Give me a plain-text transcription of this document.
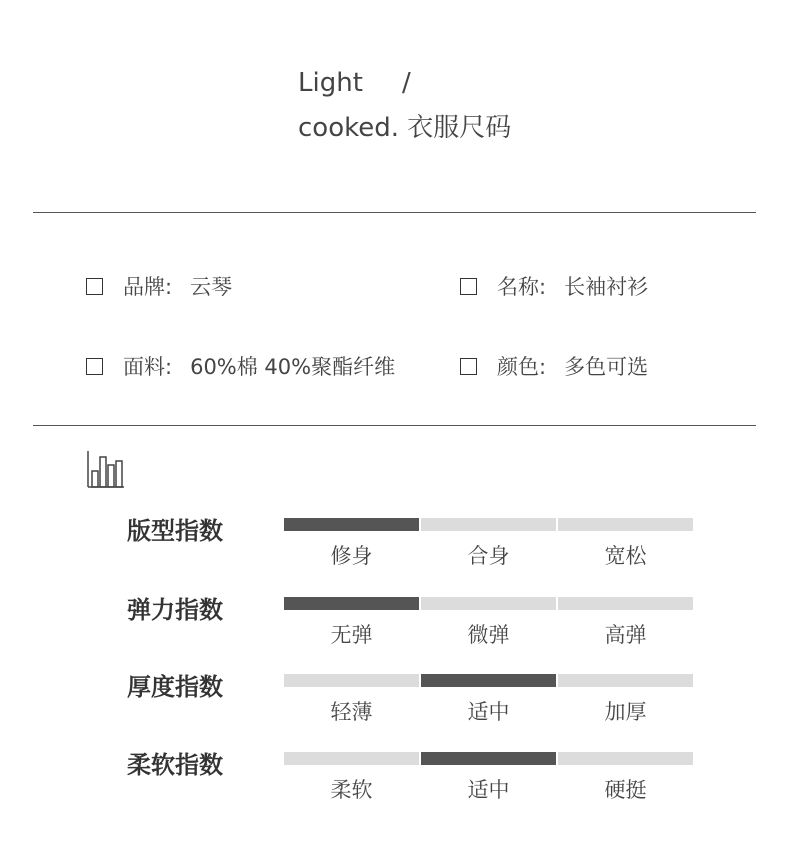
Light /
cooked. 衣服尺码
品牌: 云琴	名称: 长袖衬衫
面料: 60%棉 40%聚酯纤维	颜色: 多色可选
版型指数
修身	合身	宽松
弹力指数
无弹	微弹	高弹
厚度指数
轻薄	适中	加厚
柔软指数
柔软	适中	硬挺
